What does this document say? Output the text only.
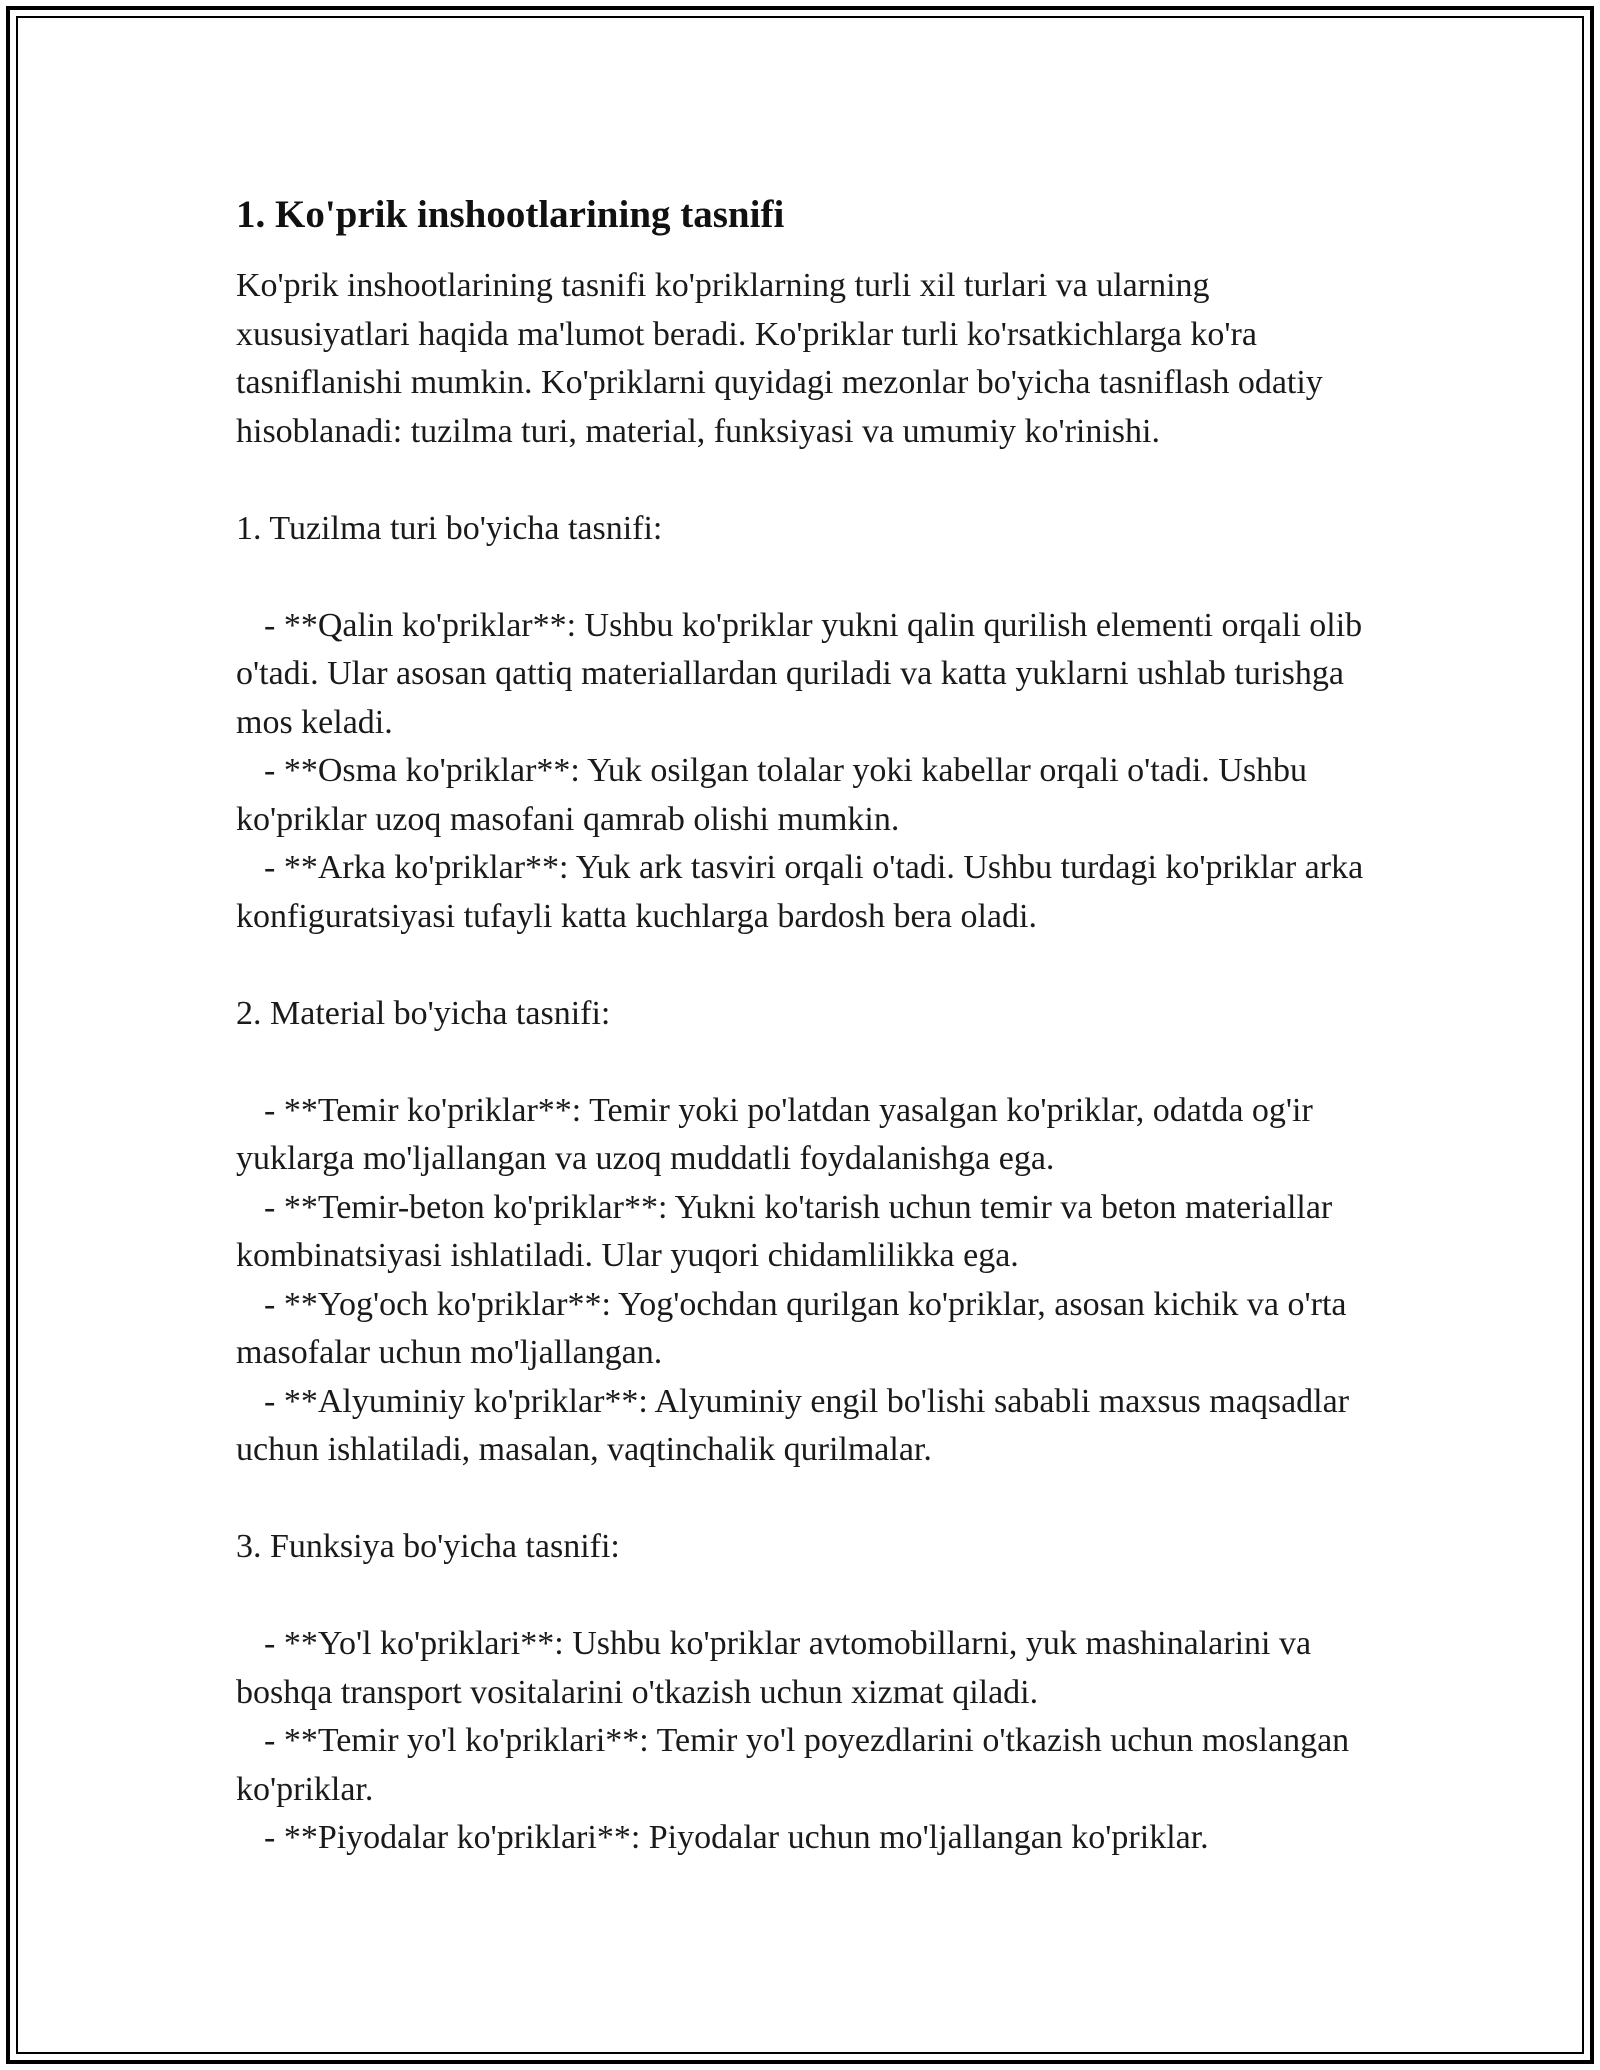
1. Ko'prik inshootlarining tasnifi

Ko'prik inshootlarining tasnifi ko'priklarning turli xil turlari va ularning xususiyatlari haqida ma'lumot beradi. Ko'priklar turli ko'rsatkichlarga ko'ra tasniflanishi mumkin. Ko'priklarni quyidagi mezonlar bo'yicha tasniflash odatiy hisoblanadi: tuzilma turi, material, funksiyasi va umumiy ko'rinishi.

1. Tuzilma turi bo'yicha tasnifi:

- **Qalin ko'priklar**: Ushbu ko'priklar yukni qalin qurilish elementi orqali olib o'tadi. Ular asosan qattiq materiallardan quriladi va katta yuklarni ushlab turishga mos keladi.

- **Osma ko'priklar**: Yuk osilgan tolalar yoki kabellar orqali o'tadi. Ushbu ko'priklar uzoq masofani qamrab olishi mumkin.

- **Arka ko'priklar**: Yuk ark tasviri orqali o'tadi. Ushbu turdagi ko'priklar arka konfiguratsiyasi tufayli katta kuchlarga bardosh bera oladi.

2. Material bo'yicha tasnifi:

- **Temir ko'priklar**: Temir yoki po'latdan yasalgan ko'priklar, odatda og'ir yuklarga mo'ljallangan va uzoq muddatli foydalanishga ega.

- **Temir-beton ko'priklar**: Yukni ko'tarish uchun temir va beton materiallar kombinatsiyasi ishlatiladi. Ular yuqori chidamlilikka ega.

- **Yog'och ko'priklar**: Yog'ochdan qurilgan ko'priklar, asosan kichik va o'rta masofalar uchun mo'ljallangan.

- **Alyuminiy ko'priklar**: Alyuminiy engil bo'lishi sababli maxsus maqsadlar uchun ishlatiladi, masalan, vaqtinchalik qurilmalar.

3. Funksiya bo'yicha tasnifi:

- **Yo'l ko'priklari**: Ushbu ko'priklar avtomobillarni, yuk mashinalarini va boshqa transport vositalarini o'tkazish uchun xizmat qiladi.

- **Temir yo'l ko'priklari**: Temir yo'l poyezdlarini o'tkazish uchun moslangan ko'priklar.

- **Piyodalar ko'priklari**: Piyodalar uchun mo'ljallangan ko'priklar.
